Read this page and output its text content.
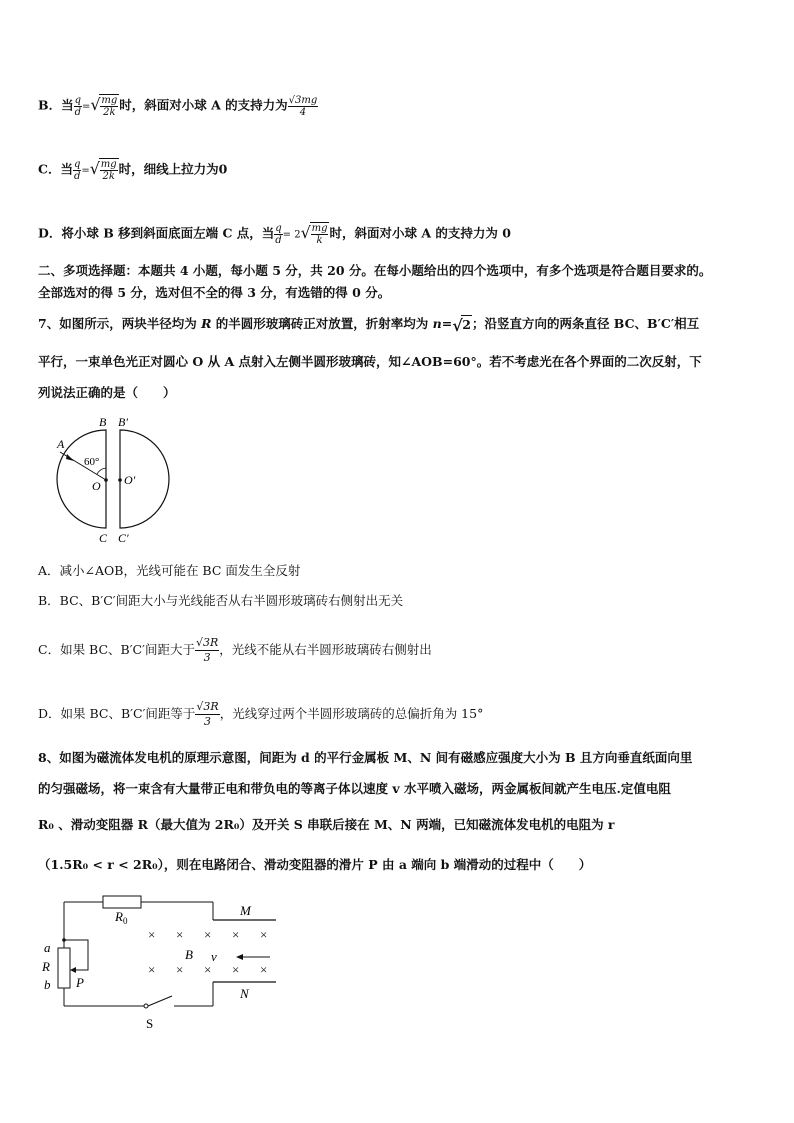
B．当 $\frac{q}{d}$ = √ $\frac{mg}{2k}$ 时，斜面对小球 A 的支持力为 $\frac{√3mg}{4}$
C．当 $\frac{q}{d}$ = √ $\frac{mg}{2k}$ 时，细线上拉力为0
D．将小球 B 移到斜面底面左端 C 点，当 $\frac{q}{d} = 2$ √ $\frac{mg}{k}$ 时，斜面对小球 A 的支持力为 0
二、多项选择题：本题共 4 小题，每小题 5 分，共 20 分。在每小题给出的四个选项中，有多个选项是符合题目要求的。
全部选对的得 5 分，选对但不全的得 3 分，有选错的得 0 分。
7、如图所示，两块半径均为 R 的半圆形玻璃砖正对放置，折射率均为 n= √ 2；沿竖直方向的两条直径 BC、B′C′相互
平行，一束单色光正对圆心 O 从 A 点射入左侧半圆形玻璃砖，知∠AOB=60°。若不考虑光在各个界面的二次反射，下
列说法正确的是（　　）
A
B B′
60°
O O′
C C′
A．减小∠AOB，光线可能在 BC 面发生全反射
B．BC、B′C′间距大小与光线能否从右半圆形玻璃砖右侧射出无关
C．如果 BC、B′C′间距大于 $\frac{√3R}{3}$ ，光线不能从右半圆形玻璃砖右侧射出
D．如果 BC、B′C′间距等于 $\frac{√3R}{3}$ ，光线穿过两个半圆形玻璃砖的总偏折角为 15°
8、如图为磁流体发电机的原理示意图，间距为 d 的平行金属板 M、N 间有磁感应强度大小为 B 且方向垂直纸面向里
的匀强磁场，将一束含有大量带正电和带负电的等离子体以速度 v 水平喷入磁场，两金属板间就产生电压.定值电阻
R₀ 、滑动变阻器 R（最大值为 2R₀）及开关 S 串联后接在 M、N 两端，已知磁流体发电机的电阻为 r
（1.5R₀ < r < 2R₀），则在电路闭合、滑动变阻器的滑片 P 由 a 端向 b 端滑动的过程中（　　）
× × × × ×
× × × × ×
$R_0$
M
N
B v
a
R
b P
S
